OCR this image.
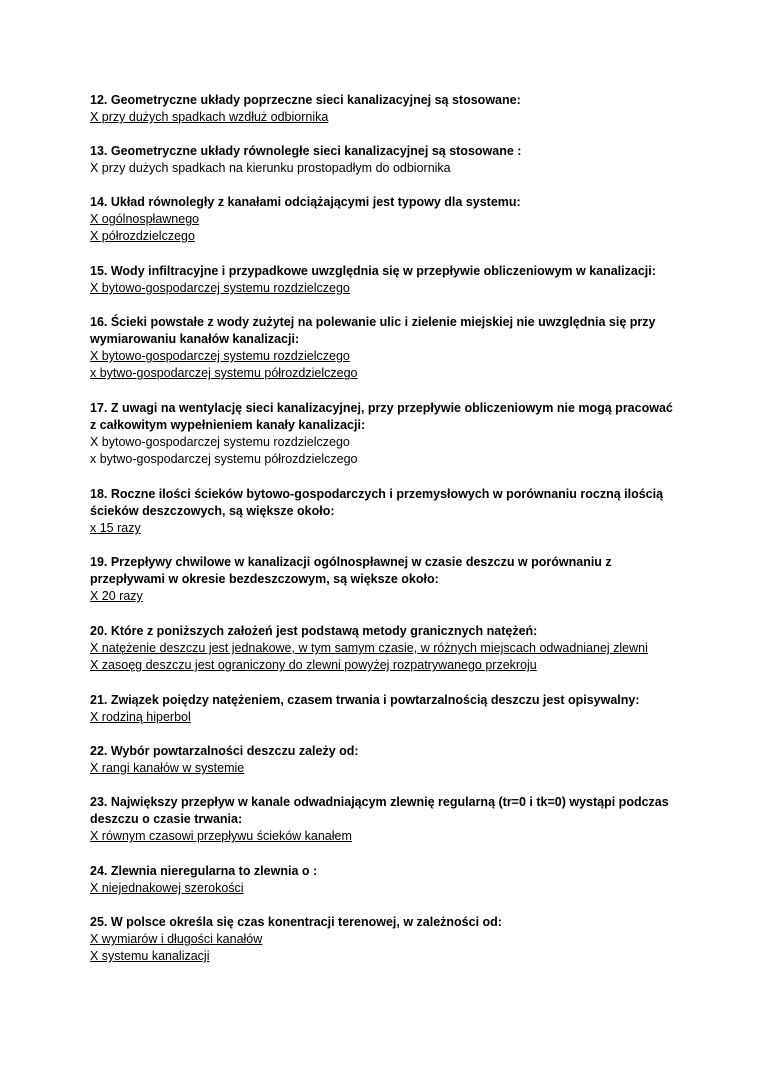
12. Geometryczne układy poprzeczne sieci kanalizacyjnej są stosowane:

X przy dużych spadkach wzdłuż odbiornika

13. Geometryczne układy równoległe sieci kanalizacyjnej są stosowane :

X przy dużych spadkach na kierunku prostopadłym do odbiornika

14. Układ równoległy z kanałami odciążającymi jest typowy dla systemu:

X ogólnospławnego

X półrozdzielczego

15. Wody infiltracyjne i przypadkowe uwzględnia się w przepływie obliczeniowym w kanalizacji:

X bytowo-gospodarczej systemu rozdzielczego

16. Ścieki powstałe z wody zużytej na polewanie ulic i zielenie miejskiej nie uwzględnia się przy wymiarowaniu kanałów kanalizacji:

X bytowo-gospodarczej systemu rozdzielczego

x bytwo-gospodarczej systemu półrozdzielczego

17. Z uwagi na wentylację sieci kanalizacyjnej, przy przepływie obliczeniowym nie mogą pracować z całkowitym wypełnieniem kanały kanalizacji:

X bytowo-gospodarczej systemu rozdzielczego

x bytwo-gospodarczej systemu półrozdzielczego

18. Roczne ilości ścieków bytowo-gospodarczych i przemysłowych w porównaniu roczną ilością ścieków deszczowych, są większe około:

x 15 razy

19. Przepływy chwilowe w kanalizacji ogólnospławnej w czasie deszczu w porównaniu z przepływami w okresie bezdeszczowym, są większe około:

X 20 razy

20. Które z poniższych założeń jest podstawą metody granicznych natężeń:

X natężenie deszczu jest jednakowe, w tym samym czasie, w różnych miejscach odwadnianej zlewni

X zasoęg deszczu jest ograniczony do zlewni powyżej rozpatrywanego przekroju

21. Związek poiędzy natężeniem, czasem trwania i powtarzalnością deszczu jest opisywalny:

X rodziną hiperbol

22. Wybór powtarzalności deszczu zależy od:

X rangi kanałów w systemie

23. Największy przepływ w kanale odwadniającym zlewnię regularną (tr=0 i tk=0) wystąpi podczas deszczu o czasie trwania:

X równym czasowi przepływu ścieków kanałem

24. Zlewnia nieregularna to zlewnia o :

X niejednakowej szerokości

25. W polsce określa się czas konentracji terenowej, w zależności od:

X wymiarów i długości kanałów

X systemu kanalizacji
